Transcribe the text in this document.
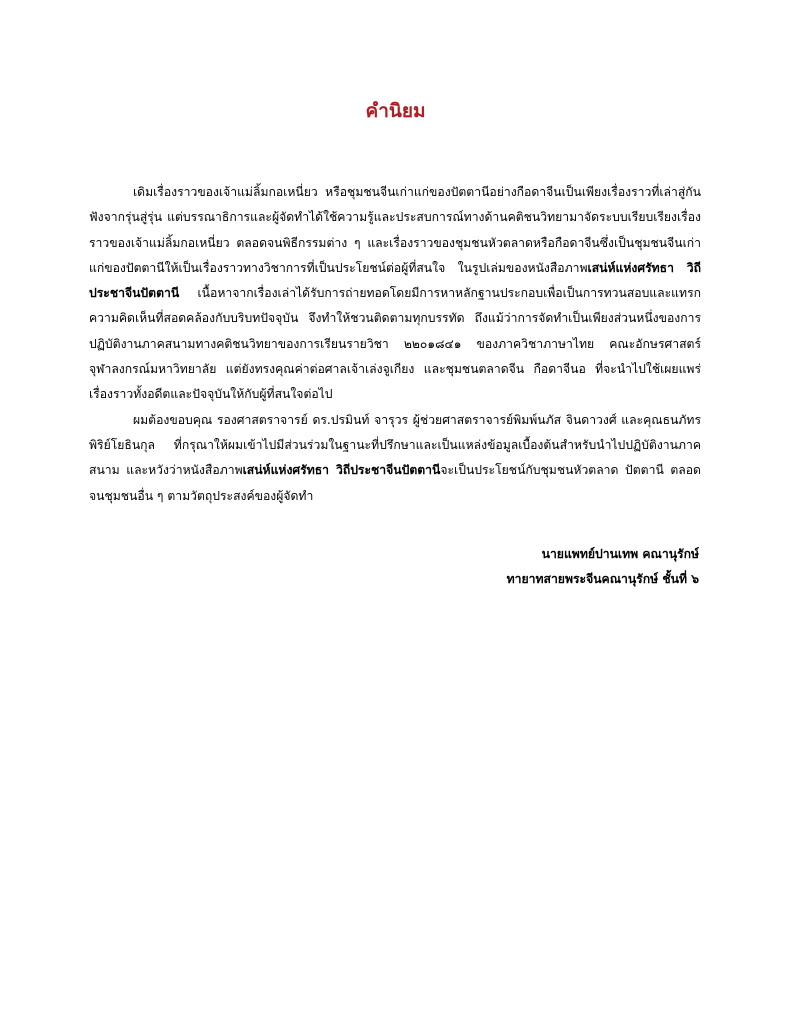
คำนิยม

เดิมเรื่องราวของเจ้าแม่ลิ้มกอเหนี่ยว หรือชุมชนจีนเก่าแก่ของปัตตานีอย่างกือดาจีนเป็นเพียงเรื่องราวที่เล่าสู่กันฟังจากรุ่นสู่รุ่น แต่บรรณาธิการและผู้จัดทำได้ใช้ความรู้และประสบการณ์ทางด้านคติชนวิทยามาจัดระบบเรียบเรียงเรื่องราวของเจ้าแม่ลิ้มกอเหนี่ยว ตลอดจนพิธีกรรมต่าง ๆ และเรื่องราวของชุมชนหัวตลาดหรือกือดาจีนซึ่งเป็นชุมชนจีนเก่าแก่ของปัตตานีให้เป็นเรื่องราวทางวิชาการที่เป็นประโยชน์ต่อผู้ที่สนใจ ในรูปเล่มของหนังสือภาพเสน่ห์แห่งศรัทธา วิถีประชาจีนปัตตานี เนื้อหาจากเรื่องเล่าได้รับการถ่ายทอดโดยมีการหาหลักฐานประกอบเพื่อเป็นการทวนสอบและแทรกความคิดเห็นที่สอดคล้องกับบริบทปัจจุบัน จึงทำให้ชวนติดตามทุกบรรทัด ถึงแม้ว่าการจัดทำเป็นเพียงส่วนหนึ่งของการปฏิบัติงานภาคสนามทางคติชนวิทยาของการเรียนรายวิชา ๒๒๐๑๘๔๑ ของภาควิชาภาษาไทย คณะอักษรศาสตร์ จุฬาลงกรณ์มหาวิทยาลัย แต่ยังทรงคุณค่าต่อศาลเจ้าเล่งจูเกียง และชุมชนตลาดจีน กือดาจีนอ ที่จะนำไปใช้เผยแพร่เรื่องราวทั้งอดีตและปัจจุบันให้กับผู้ที่สนใจต่อไป

ผมต้องขอบคุณ รองศาสตราจารย์ ดร.ปรมินท์ จารุวร ผู้ช่วยศาสตราจารย์พิมพ์นภัส จินดาวงศ์ และคุณธนภัทร พิริย์โยธินกุล ที่กรุณาให้ผมเข้าไปมีส่วนร่วมในฐานะที่ปรึกษาและเป็นแหล่งข้อมูลเบื้องต้นสำหรับนำไปปฏิบัติงานภาคสนาม และหวังว่าหนังสือภาพเสน่ห์แห่งศรัทธา วิถีประชาจีนปัตตานีจะเป็นประโยชน์กับชุมชนหัวตลาด ปัตตานี ตลอดจนชุมชนอื่น ๆ ตามวัตถุประสงค์ของผู้จัดทำ

นายแพทย์ปานเทพ คณานุรักษ์
ทายาทสายพระจีนคณานุรักษ์ ชั้นที่ ๖
